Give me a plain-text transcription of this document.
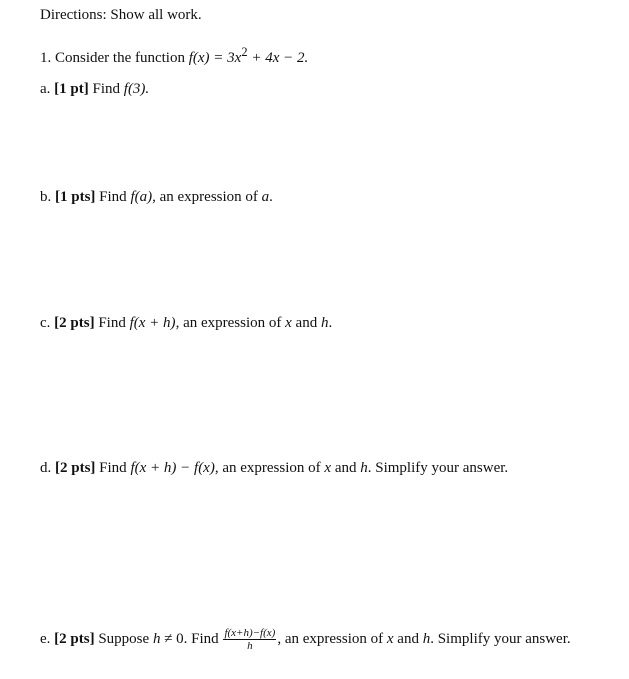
Directions: Show all work.
1. Consider the function $f(x) = 3x^2 + 4x - 2$.
a. [1 pt] Find f(3).
b. [1 pts] Find f(a), an expression of a.
c. [2 pts] Find f(x + h), an expression of x and h.
d. [2 pts] Find f(x + h) − f(x), an expression of x and h. Simplify your answer.
e. [2 pts] Suppose h ≠ 0. Find $\frac{f(x+h)-f(x)}{h}$ , an expression of x and h. Simplify your answer.
